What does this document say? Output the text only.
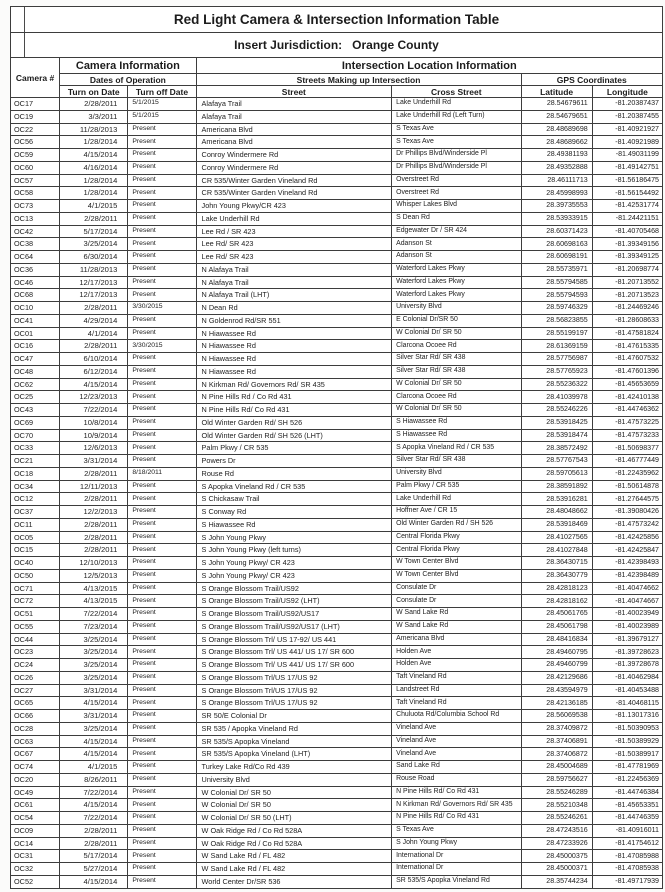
Red Light Camera & Intersection Information Table						
Insert Jurisdiction: Orange County						
Camera #	Camera Information		Intersection Location Information			
	Dates of Operation		Streets Making up Intersection		GPS Coordinates	
	Turn on Date	Turn off Date	Street	Cross Street	Latitude	Longitude
OC17	2/28/2011	5/1/2015	Alafaya Trail	Lake Underhill Rd	28.54679611	-81.20387437
OC19	3/3/2011	5/1/2015	Alafaya Trail	Lake Underhill Rd (Left Turn)	28.54679651	-81.20387455
OC22	11/28/2013	Present	Americana Blvd	S Texas Ave	28.48689698	-81.40921927
OC56	1/28/2014	Present	Americana Blvd	S Texas Ave	28.48689662	-81.40921989
OC59	4/15/2014	Present	Conroy Windermere Rd	Dr Phillips Blvd/Winderside Pl	28.49381193	-81.49031199
OC60	4/16/2014	Present	Conroy Windermere Rd	Dr Phillips Blvd/Winderside Pl	28.49352888	-81.49142751
OC57	1/28/2014	Present	CR 535/Winter Garden Vineland Rd	Overstreet Rd	28.46111713	-81.56186475
OC58	1/28/2014	Present	CR 535/Winter Garden Vineland Rd	Overstreet Rd	28.45998993	-81.56154492
OC73	4/1/2015	Present	John Young Pkwy/CR 423	Whisper Lakes Blvd	28.39735553	-81.42531774
OC13	2/28/2011	Present	Lake Underhill Rd	S Dean Rd	28.53933915	-81.24421151
OC42	5/17/2014	Present	Lee Rd / SR 423	Edgewater Dr / SR 424	28.60371423	-81.40705468
OC38	3/25/2014	Present	Lee Rd/ SR 423	Adanson St	28.60698163	-81.39349156
OC64	6/30/2014	Present	Lee Rd/ SR 423	Adanson St	28.60698191	-81.39349125
OC36	11/28/2013	Present	N Alafaya Trail	Waterford Lakes Pkwy	28.55735971	-81.20698774
OC46	12/17/2013	Present	N Alafaya Trail	Waterford Lakes Pkwy	28.55794585	-81.20713552
OC68	12/17/2013	Present	N Alafaya Trail (LHT)	Waterford Lakes Pkwy	28.55794593	-81.20713523
OC10	2/28/2011	3/30/2015	N Dean Rd	University Blvd	28.59746329	-81.24469246
OC41	4/29/2014	Present	N Goldenrod Rd/SR 551	E Colonial Dr/SR 50	28.56823855	-81.28608633
OC01	4/1/2014	Present	N Hiawassee Rd	W Colonial Dr/ SR 50	28.55199197	-81.47581824
OC16	2/28/2011	3/30/2015	N Hiawassee Rd	Clarcona Ocoee Rd	28.61369159	-81.47615335
OC47	6/10/2014	Present	N Hiawassee Rd	Silver Star Rd/ SR 438	28.57756987	-81.47607532
OC48	6/12/2014	Present	N Hiawassee Rd	Silver Star Rd/ SR 438	28.57765923	-81.47601396
OC62	4/15/2014	Present	N Kirkman Rd/ Governors Rd/ SR 435	W Colonial Dr/ SR 50	28.55236322	-81.45653659
OC25	12/23/2013	Present	N Pine Hills Rd / Co Rd 431	Clarcona Ocoee Rd	28.41039978	-81.42410138
OC43	7/22/2014	Present	N Pine Hills Rd/ Co Rd 431	W Colonial Dr/ SR 50	28.55246226	-81.44746362
OC69	10/8/2014	Present	Old Winter Garden Rd/ SH 526	S Hiawassee Rd	28.53918425	-81.47573225
OC70	10/9/2014	Present	Old Winter Garden Rd/ SH 526 (LHT)	S Hiawassee Rd	28.53918474	-81.47573233
OC33	12/6/2013	Present	Palm Pkwy / CR 535	S Apopka Vineland Rd / CR 535	28.38572492	-81.50698377
OC21	3/31/2014	Present	Powers Dr	Silver Star Rd/ SR 438	28.57767543	-81.46777449
OC18	2/28/2011	8/18/2011	Rouse Rd	University Blvd	28.59705613	-81.22435962
OC34	12/11/2013	Present	S Apopka Vineland Rd / CR 535	Palm Pkwy / CR 535	28.38591892	-81.50614878
OC12	2/28/2011	Present	S Chickasaw Trail	Lake Underhill Rd	28.53916281	-81.27644575
OC37	12/2/2013	Present	S Conway Rd	Hoffner Ave / CR 15	28.48048662	-81.39080426
OC11	2/28/2011	Present	S Hiawassee Rd	Old Winter Garden Rd / SH 526	28.53918469	-81.47573242
OC05	2/28/2011	Present	S John Young Pkwy	Central Florida Pkwy	28.41027565	-81.42425856
OC15	2/28/2011	Present	S John Young Pkwy (left turns)	Central Florida Pkwy	28.41027848	-81.42425847
OC40	12/10/2013	Present	S John Young Pkwy/ CR 423	W Town Center Blvd	28.36430715	-81.42398493
OC50	12/5/2013	Present	S John Young Pkwy/ CR 423	W Town Center Blvd	28.36430779	-81.42398489
OC71	4/13/2015	Present	S Orange Blossom Trail/US92	Consulate Dr	28.42818123	-81.40474662
OC72	4/13/2015	Present	S Orange Blossom Trail/US92 (LHT)	Consulate Dr	28.42818162	-81.40474667
OC51	7/22/2014	Present	S Orange Blossom Trail/US92/US17	W Sand Lake Rd	28.45061765	-81.40023949
OC55	7/23/2014	Present	S Orange Blossom Trail/US92/US17 (LHT)	W Sand Lake Rd	28.45061798	-81.40023989
OC44	3/25/2014	Present	S Orange Blossom Trl/ US 17-92/ US 441	Americana Blvd	28.48416834	-81.39679127
OC23	3/25/2014	Present	S Orange Blossom Trl/ US 441/ US 17/ SR 600	Holden Ave	28.49460795	-81.39728623
OC24	3/25/2014	Present	S Orange Blossom Trl/ US 441/ US 17/ SR 600	Holden Ave	28.49460799	-81.39728678
OC26	3/25/2014	Present	S Orange Blossom Trl/US 17/US 92	Taft Vineland Rd	28.42129686	-81.40462984
OC27	3/31/2014	Present	S Orange Blossom Trl/US 17/US 92	Landstreet Rd	28.43594979	-81.40453488
OC65	4/15/2014	Present	S Orange Blossom Trl/US 17/US 92	Taft Vineland Rd	28.42136185	-81.40468115
OC66	3/31/2014	Present	SR 50/E Colonial Dr	Chuluota Rd/Columbia School Rd	28.56069538	-81.13017316
OC28	3/25/2014	Present	SR 535 / Apopka Vineland Rd	Vineland Ave	28.37409872	-81.50390953
OC63	4/15/2014	Present	SR 535/S Apopka Vineland	Vineland Ave	28.37406891	-81.50389929
OC67	4/15/2014	Present	SR 535/S Apopka Vineland (LHT)	Vineland Ave	28.37406872	-81.50389917
OC74	4/1/2015	Present	Turkey Lake Rd/Co Rd 439	Sand Lake Rd	28.45004689	-81.47781969
OC20	8/26/2011	Present	University Blvd	Rouse Road	28.59756627	-81.22456369
OC49	7/22/2014	Present	W Colonial Dr/ SR 50	N Pine Hills Rd/ Co Rd 431	28.55246289	-81.44746384
OC61	4/15/2014	Present	W Colonial Dr/ SR 50	N Kirkman Rd/ Governors Rd/ SR 435	28.55210348	-81.45653351
OC54	7/22/2014	Present	W Colonial Dr/ SR 50 (LHT)	N Pine Hills Rd/ Co Rd 431	28.55246261	-81.44746359
OC09	2/28/2011	Present	W Oak Ridge Rd / Co Rd 528A	S Texas Ave	28.47243516	-81.40916011
OC14	2/28/2011	Present	W Oak Ridge Rd / Co Rd 528A	S John Young Pkwy	28.47233926	-81.41754612
OC31	5/17/2014	Present	W Sand Lake Rd / FL 482	International Dr	28.45000375	-81.47085988
OC32	5/27/2014	Present	W Sand Lake Rd / FL 482	International Dr	28.45000371	-81.47085938
OC52	4/15/2014	Present	World Center Dr/SR 536	SR 535/S Apopka Vineland Rd	28.35744234	-81.49717939
